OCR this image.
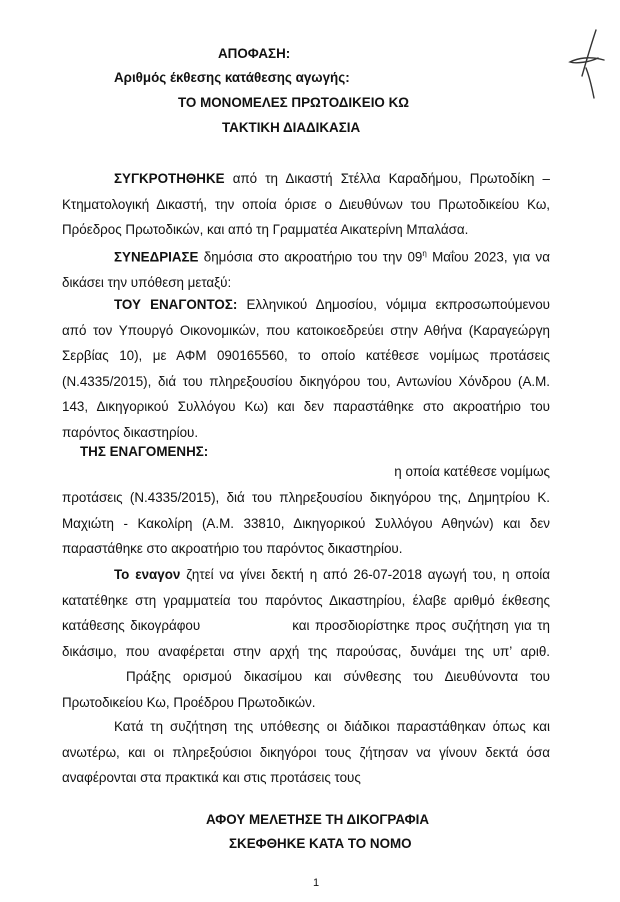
ΑΠΟΦΑΣΗ:
Αριθμός έκθεσης κατάθεσης αγωγής:
ΤΟ ΜΟΝΟΜΕΛΕΣ ΠΡΩΤΟΔΙΚΕΙΟ ΚΩ
ΤΑΚΤΙΚΗ ΔΙΑΔΙΚΑΣΙΑ
ΣΥΓΚΡΟΤΗΘΗΚΕ από τη Δικαστή Στέλλα Καραδήμου, Πρωτοδίκη – Κτηματολογική Δικαστή, την οποία όρισε ο Διευθύνων του Πρωτοδικείου Κω, Πρόεδρος Πρωτοδικών, και από τη Γραμματέα Αικατερίνη Μπαλάσα.
ΣΥΝΕΔΡΙΑΣΕ δημόσια στο ακροατήριο του την $09^\eta$ Μαΐου 2023, για να δικάσει την υπόθεση μεταξύ:
ΤΟΥ ΕΝΑΓΟΝΤΟΣ: Ελληνικού Δημοσίου, νόμιμα εκπροσωπούμενου από τον Υπουργό Οικονομικών, που κατοικοεδρεύει στην Αθήνα (Καραγεώργη Σερβίας 10), με ΑΦΜ 090165560, το οποίο κατέθεσε νομίμως προτάσεις (Ν.4335/2015), διά του πληρεξουσίου δικηγόρου του, Αντωνίου Χόνδρου (Α.Μ. 143, Δικηγορικού Συλλόγου Κω) και δεν παραστάθηκε στο ακροατήριο του παρόντος δικαστηρίου.
ΤΗΣ ΕΝΑΓΟΜΕΝΗΣ:
η οποία κατέθεσε νομίμως
προτάσεις (Ν.4335/2015), διά του πληρεξουσίου δικηγόρου της, Δημητρίου Κ. Μαχιώτη - Κακολίρη (Α.Μ. 33810, Δικηγορικού Συλλόγου Αθηνών) και δεν παραστάθηκε στο ακροατήριο του παρόντος δικαστηρίου.
Το εναγον ζητεί να γίνει δεκτή η από 26-07-2018 αγωγή του, η οποία κατατέθηκε στη γραμματεία του παρόντος Δικαστηρίου, έλαβε αριθμό έκθεσης κατάθεσης δικογράφου	και προσδιορίστηκε προς συζήτηση για τη δικάσιμο, που αναφέρεται στην αρχή της παρούσας, δυνάμει της υπ’ αριθ.Πράξης ορισμού δικασίμου και σύνθεσης του Διευθύνοντα του Πρωτοδικείου Κω, Προέδρου Πρωτοδικών.
Κατά τη συζήτηση της υπόθεσης οι διάδικοι παραστάθηκαν όπως και ανωτέρω, και οι πληρεξούσιοι δικηγόροι τους ζήτησαν να γίνουν δεκτά όσα αναφέρονται στα πρακτικά και στις προτάσεις τους
ΑΦΟΥ ΜΕΛΕΤΗΣΕ ΤΗ ΔΙΚΟΓΡΑΦΙΑ
ΣΚΕΦΘΗΚΕ ΚΑΤΑ ΤΟ ΝΟΜΟ
1
